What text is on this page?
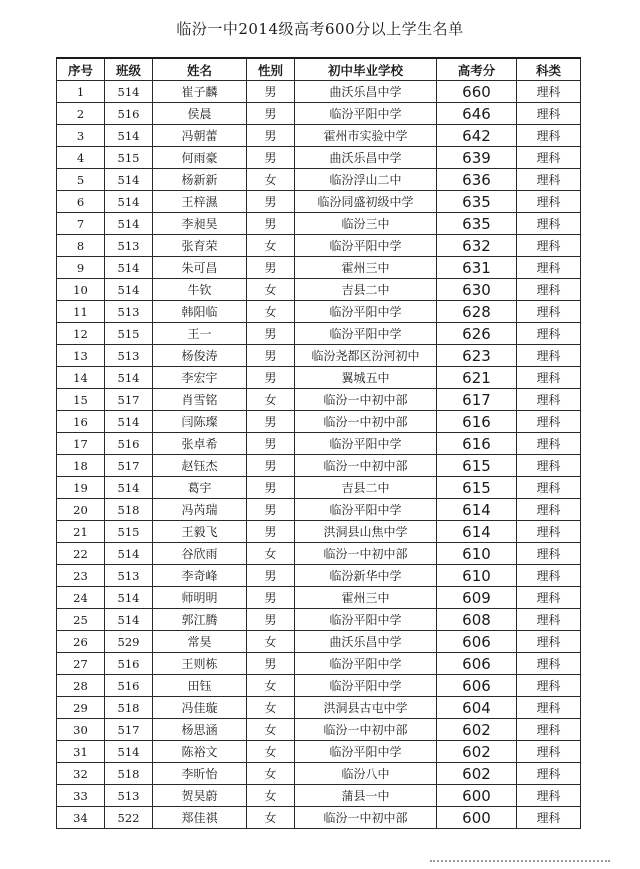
临汾一中2014级高考600分以上学生名单
序号	班级	姓名	性别	初中毕业学校	高考分	科类
1	514	崔子麟	男	曲沃乐昌中学	660	理科
2	516	侯晨	男	临汾平阳中学	646	理科
3	514	冯朝蕾	男	霍州市实验中学	642	理科
4	515	何雨豪	男	曲沃乐昌中学	639	理科
5	514	杨新新	女	临汾浮山二中	636	理科
6	514	王梓濕	男	临汾同盛初级中学	635	理科
7	514	李昶昊	男	临汾三中	635	理科
8	513	张育荣	女	临汾平阳中学	632	理科
9	514	朱可昌	男	霍州三中	631	理科
10	514	牛钦	女	吉县二中	630	理科
11	513	韩阳临	女	临汾平阳中学	628	理科
12	515	王一	男	临汾平阳中学	626	理科
13	513	杨俊涛	男	临汾尧都区汾河初中	623	理科
14	514	李宏宇	男	翼城五中	621	理科
15	517	肖雪铭	女	临汾一中初中部	617	理科
16	514	闫陈璨	男	临汾一中初中部	616	理科
17	516	张卓希	男	临汾平阳中学	616	理科
18	517	赵钰杰	男	临汾一中初中部	615	理科
19	514	葛宇	男	吉县二中	615	理科
20	518	冯芮瑞	男	临汾平阳中学	614	理科
21	515	王毅飞	男	洪洞县山焦中学	614	理科
22	514	谷欣雨	女	临汾一中初中部	610	理科
23	513	李奇峰	男	临汾新华中学	610	理科
24	514	师明明	男	霍州三中	609	理科
25	514	郭江腾	男	临汾平阳中学	608	理科
26	529	常昊	女	曲沃乐昌中学	606	理科
27	516	王则栋	男	临汾平阳中学	606	理科
28	516	田钰	女	临汾平阳中学	606	理科
29	518	冯佳璇	女	洪洞县古屯中学	604	理科
30	517	杨思涵	女	临汾一中初中部	602	理科
31	514	陈裕文	女	临汾平阳中学	602	理科
32	518	李昕怡	女	临汾八中	602	理科
33	513	贺昊蔚	女	蒲县一中	600	理科
34	522	郑佳祺	女	临汾一中初中部	600	理科
